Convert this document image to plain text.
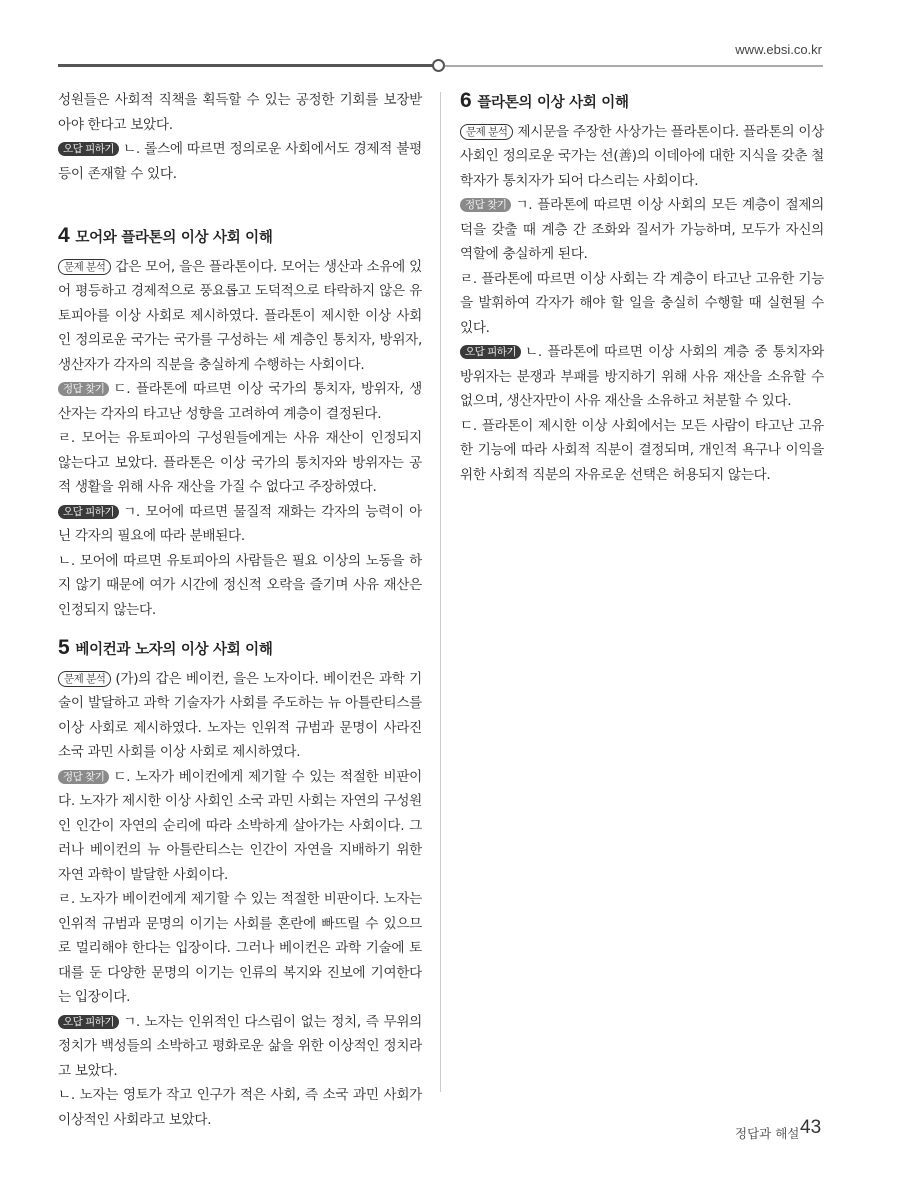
www.ebsi.co.kr

성원들은 사회적 직책을 획득할 수 있는 공정한 기회를 보장받아야 한다고 보았다.

오답 피하기 ㄴ. 롤스에 따르면 정의로운 사회에서도 경제적 불평등이 존재할 수 있다.

4 모어와 플라톤의 이상 사회 이해

문제 분석 갑은 모어, 을은 플라톤이다. 모어는 생산과 소유에 있어 평등하고 경제적으로 풍요롭고 도덕적으로 타락하지 않은 유토피아를 이상 사회로 제시하였다. 플라톤이 제시한 이상 사회인 정의로운 국가는 국가를 구성하는 세 계층인 통치자, 방위자, 생산자가 각자의 직분을 충실하게 수행하는 사회이다.

정답 찾기 ㄷ. 플라톤에 따르면 이상 국가의 통치자, 방위자, 생산자는 각자의 타고난 성향을 고려하여 계층이 결정된다.

ㄹ. 모어는 유토피아의 구성원들에게는 사유 재산이 인정되지 않는다고 보았다. 플라톤은 이상 국가의 통치자와 방위자는 공적 생활을 위해 사유 재산을 가질 수 없다고 주장하였다.

오답 피하기 ㄱ. 모어에 따르면 물질적 재화는 각자의 능력이 아닌 각자의 필요에 따라 분배된다.

ㄴ. 모어에 따르면 유토피아의 사람들은 필요 이상의 노동을 하지 않기 때문에 여가 시간에 정신적 오락을 즐기며 사유 재산은 인정되지 않는다.

5 베이컨과 노자의 이상 사회 이해

문제 분석 (가)의 갑은 베이컨, 을은 노자이다. 베이컨은 과학 기술이 발달하고 과학 기술자가 사회를 주도하는 뉴 아틀란티스를 이상 사회로 제시하였다. 노자는 인위적 규범과 문명이 사라진 소국 과민 사회를 이상 사회로 제시하였다.

정답 찾기 ㄷ. 노자가 베이컨에게 제기할 수 있는 적절한 비판이다. 노자가 제시한 이상 사회인 소국 과민 사회는 자연의 구성원인 인간이 자연의 순리에 따라 소박하게 살아가는 사회이다. 그러나 베이컨의 뉴 아틀란티스는 인간이 자연을 지배하기 위한 자연 과학이 발달한 사회이다.

ㄹ. 노자가 베이컨에게 제기할 수 있는 적절한 비판이다. 노자는 인위적 규범과 문명의 이기는 사회를 혼란에 빠뜨릴 수 있으므로 멀리해야 한다는 입장이다. 그러나 베이컨은 과학 기술에 토대를 둔 다양한 문명의 이기는 인류의 복지와 진보에 기여한다는 입장이다.

오답 피하기 ㄱ. 노자는 인위적인 다스림이 없는 정치, 즉 무위의 정치가 백성들의 소박하고 평화로운 삶을 위한 이상적인 정치라고 보았다.

ㄴ. 노자는 영토가 작고 인구가 적은 사회, 즉 소국 과민 사회가 이상적인 사회라고 보았다.

6 플라톤의 이상 사회 이해

문제 분석 제시문을 주장한 사상가는 플라톤이다. 플라톤의 이상 사회인 정의로운 국가는 선(善)의 이데아에 대한 지식을 갖춘 철학자가 통치자가 되어 다스리는 사회이다.

정답 찾기 ㄱ. 플라톤에 따르면 이상 사회의 모든 계층이 절제의 덕을 갖출 때 계층 간 조화와 질서가 가능하며, 모두가 자신의 역할에 충실하게 된다.

ㄹ. 플라톤에 따르면 이상 사회는 각 계층이 타고난 고유한 기능을 발휘하여 각자가 해야 할 일을 충실히 수행할 때 실현될 수 있다.

오답 피하기 ㄴ. 플라톤에 따르면 이상 사회의 계층 중 통치자와 방위자는 분쟁과 부패를 방지하기 위해 사유 재산을 소유할 수 없으며, 생산자만이 사유 재산을 소유하고 처분할 수 있다.

ㄷ. 플라톤이 제시한 이상 사회에서는 모든 사람이 타고난 고유한 기능에 따라 사회적 직분이 결정되며, 개인적 욕구나 이익을 위한 사회적 직분의 자유로운 선택은 허용되지 않는다.

정답과 해설 43
